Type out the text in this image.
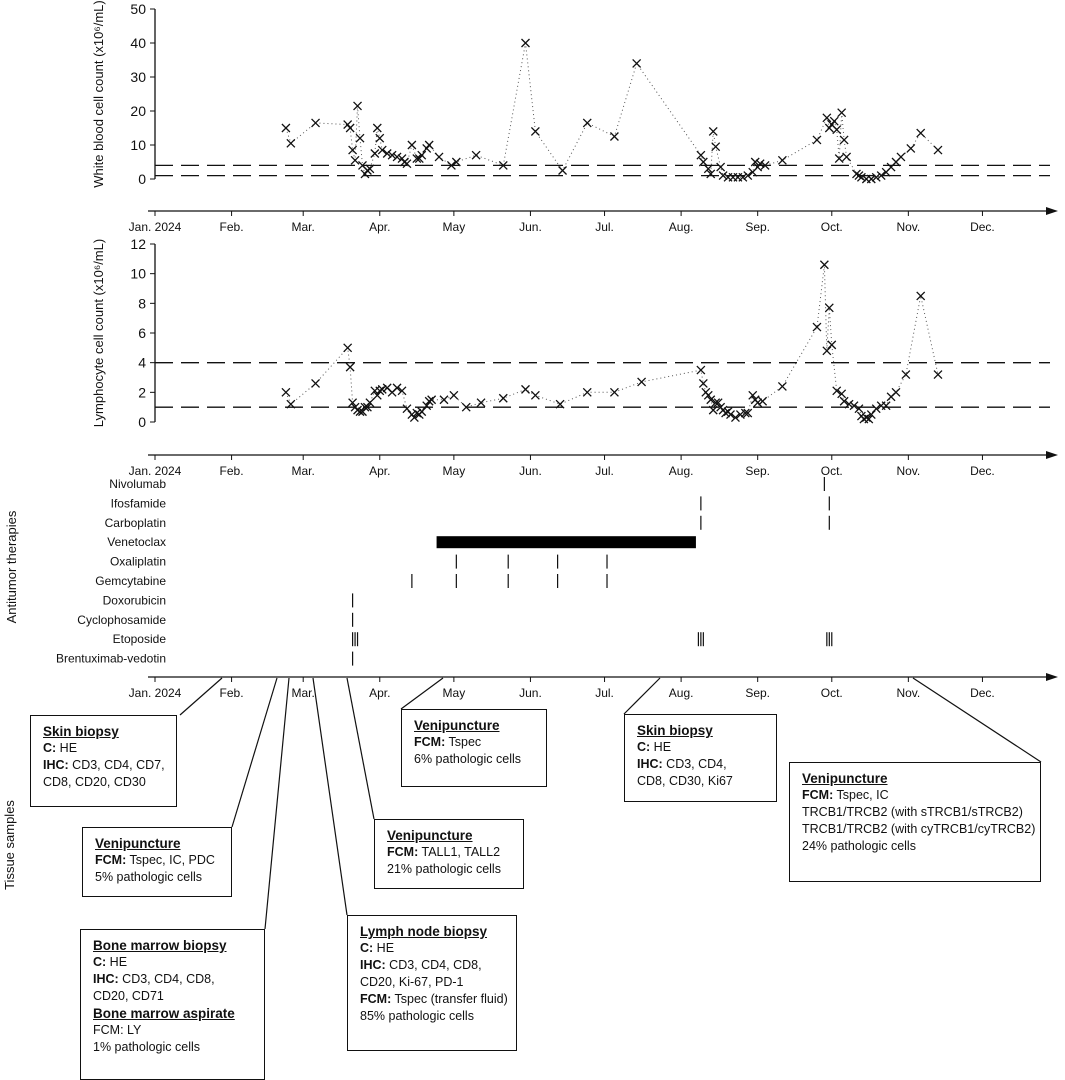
0
10
20
30
40
50
White blood cell count (x10⁶/mL)
Jan. 2024	Feb.	Mar.	Apr.	May	Jun.	Jul.	Aug.	Sep.	Oct.	Nov.	Dec.
0
2
4
6
8
10
12
Lymphocyte cell count (x10⁶/mL)
Jan. 2024	Feb.	Mar.	Apr.	May	Jun.	Jul.	Aug.	Sep.	Oct.	Nov.	Dec.
Nivolumab
Ifosfamide
Carboplatin
Venetoclax
Oxaliplatin
Gemcytabine
Doxorubicin
Cyclophosamide
Etoposide
Brentuximab-vedotin
Antitumor therapies
Jan. 2024	Feb.	Mar.	Apr.	May	Jun.	Jul.	Aug.	Sep.	Oct.	Nov.	Dec.
Tissue samples
Skin biopsy
C: HE
IHC: CD3, CD4, CD7,
CD8, CD20, CD30
Venipuncture
FCM: Tspec, IC, PDC
5% pathologic cells
Bone marrow biopsy
C: HE
IHC: CD3, CD4, CD8,
CD20, CD71
Bone marrow aspirate
FCM: LY
1% pathologic cells
Lymph node biopsy
C: HE
IHC: CD3, CD4, CD8,
CD20, Ki-67, PD-1
FCM: Tspec (transfer fluid)
85% pathologic cells
Venipuncture
FCM: TALL1, TALL2
21% pathologic cells
Venipuncture
FCM: Tspec
6% pathologic cells
Skin biopsy
C: HE
IHC: CD3, CD4,
CD8, CD30, Ki67	Venipuncture
FCM: Tspec, IC
TRCB1/TRCB2 (with sTRCB1/sTRCB2)
TRCB1/TRCB2 (with cyTRCB1/cyTRCB2)
24% pathologic cells
